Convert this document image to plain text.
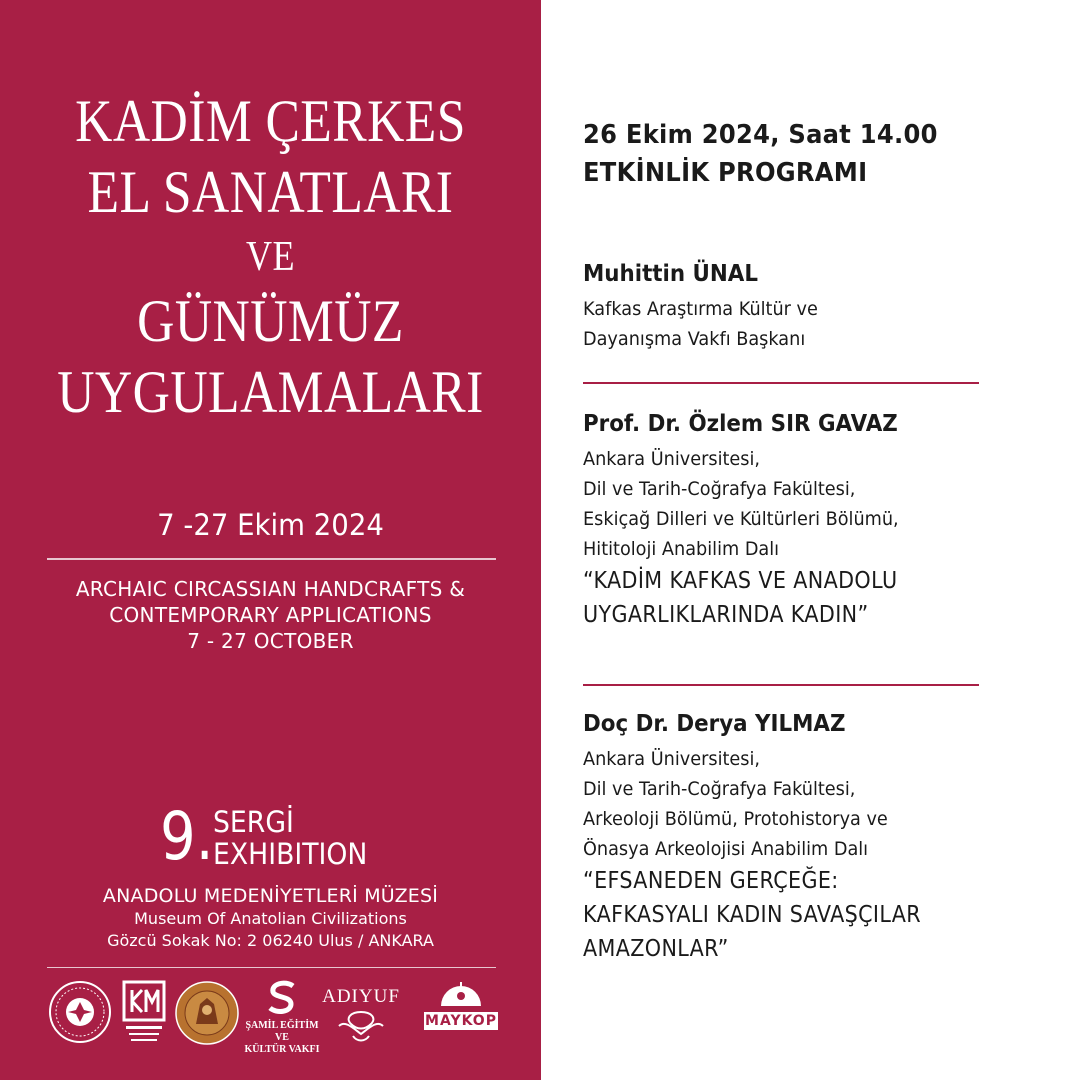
KADİM ÇERKES
EL SANATLARI
VE
GÜNÜMÜZ
UYGULAMALARI
7 -27 Ekim 2024
ARCHAIC CIRCASSIAN HANDCRAFTS &
CONTEMPORARY APPLICATIONS
7 - 27 OCTOBER
9. SERGİ
EXHIBITION
ANADOLU MEDENİYETLERİ MÜZESİ
Museum Of Anatolian Civilizations
Gözcü Sokak No: 2 06240 Ulus / ANKARA
ŞAMİL EĞİTİM VE
KÜLTÜR VAKFI
ADIYUF
MAYKOP
26 Ekim 2024, Saat 14.00
ETKİNLİK PROGRAMI
Muhittin ÜNAL
Kafkas Araştırma Kültür ve
Dayanışma Vakfı Başkanı
Prof. Dr. Özlem SIR GAVAZ
Ankara Üniversitesi,
Dil ve Tarih-Coğrafya Fakültesi,
Eskiçağ Dilleri ve Kültürleri Bölümü,
Hititoloji Anabilim Dalı
“KADİM KAFKAS VE ANADOLU
UYGARLIKLARINDA KADIN”
Doç Dr. Derya YILMAZ
Ankara Üniversitesi,
Dil ve Tarih-Coğrafya Fakültesi,
Arkeoloji Bölümü, Protohistorya ve
Önasya Arkeolojisi Anabilim Dalı
“EFSANEDEN GERÇEĞE:
KAFKASYALI KADIN SAVAŞÇILAR
AMAZONLAR”
